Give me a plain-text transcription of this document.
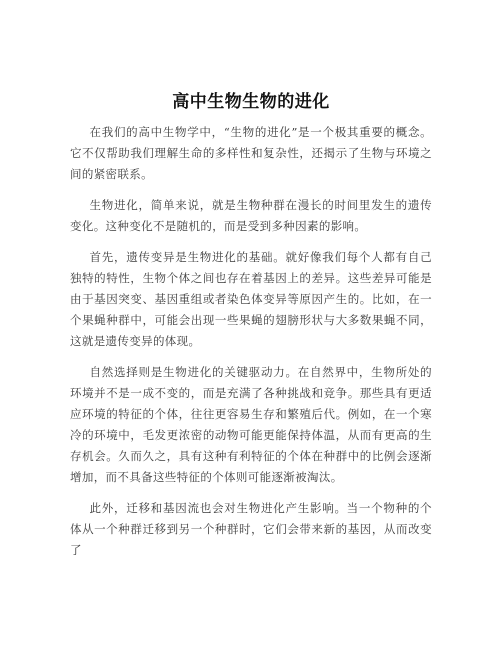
高中生物生物的进化

在我们的高中生物学中，“生物的进化”是一个极其重要的概念。它不仅帮助我们理解生命的多样性和复杂性，还揭示了生物与环境之间的紧密联系。

生物进化，简单来说，就是生物种群在漫长的时间里发生的遗传变化。这种变化不是随机的，而是受到多种因素的影响。

首先，遗传变异是生物进化的基础。就好像我们每个人都有自己独特的特性，生物个体之间也存在着基因上的差异。这些差异可能是由于基因突变、基因重组或者染色体变异等原因产生的。比如，在一个果蝇种群中，可能会出现一些果蝇的翅膀形状与大多数果蝇不同，这就是遗传变异的体现。

自然选择则是生物进化的关键驱动力。在自然界中，生物所处的环境并不是一成不变的，而是充满了各种挑战和竞争。那些具有更适应环境的特征的个体，往往更容易生存和繁殖后代。例如，在一个寒冷的环境中，毛发更浓密的动物可能更能保持体温，从而有更高的生存机会。久而久之，具有这种有利特征的个体在种群中的比例会逐渐增加，而不具备这些特征的个体则可能逐渐被淘汰。

此外，迁移和基因流也会对生物进化产生影响。当一个物种的个体从一个种群迁移到另一个种群时，它们会带来新的基因，从而改变了
